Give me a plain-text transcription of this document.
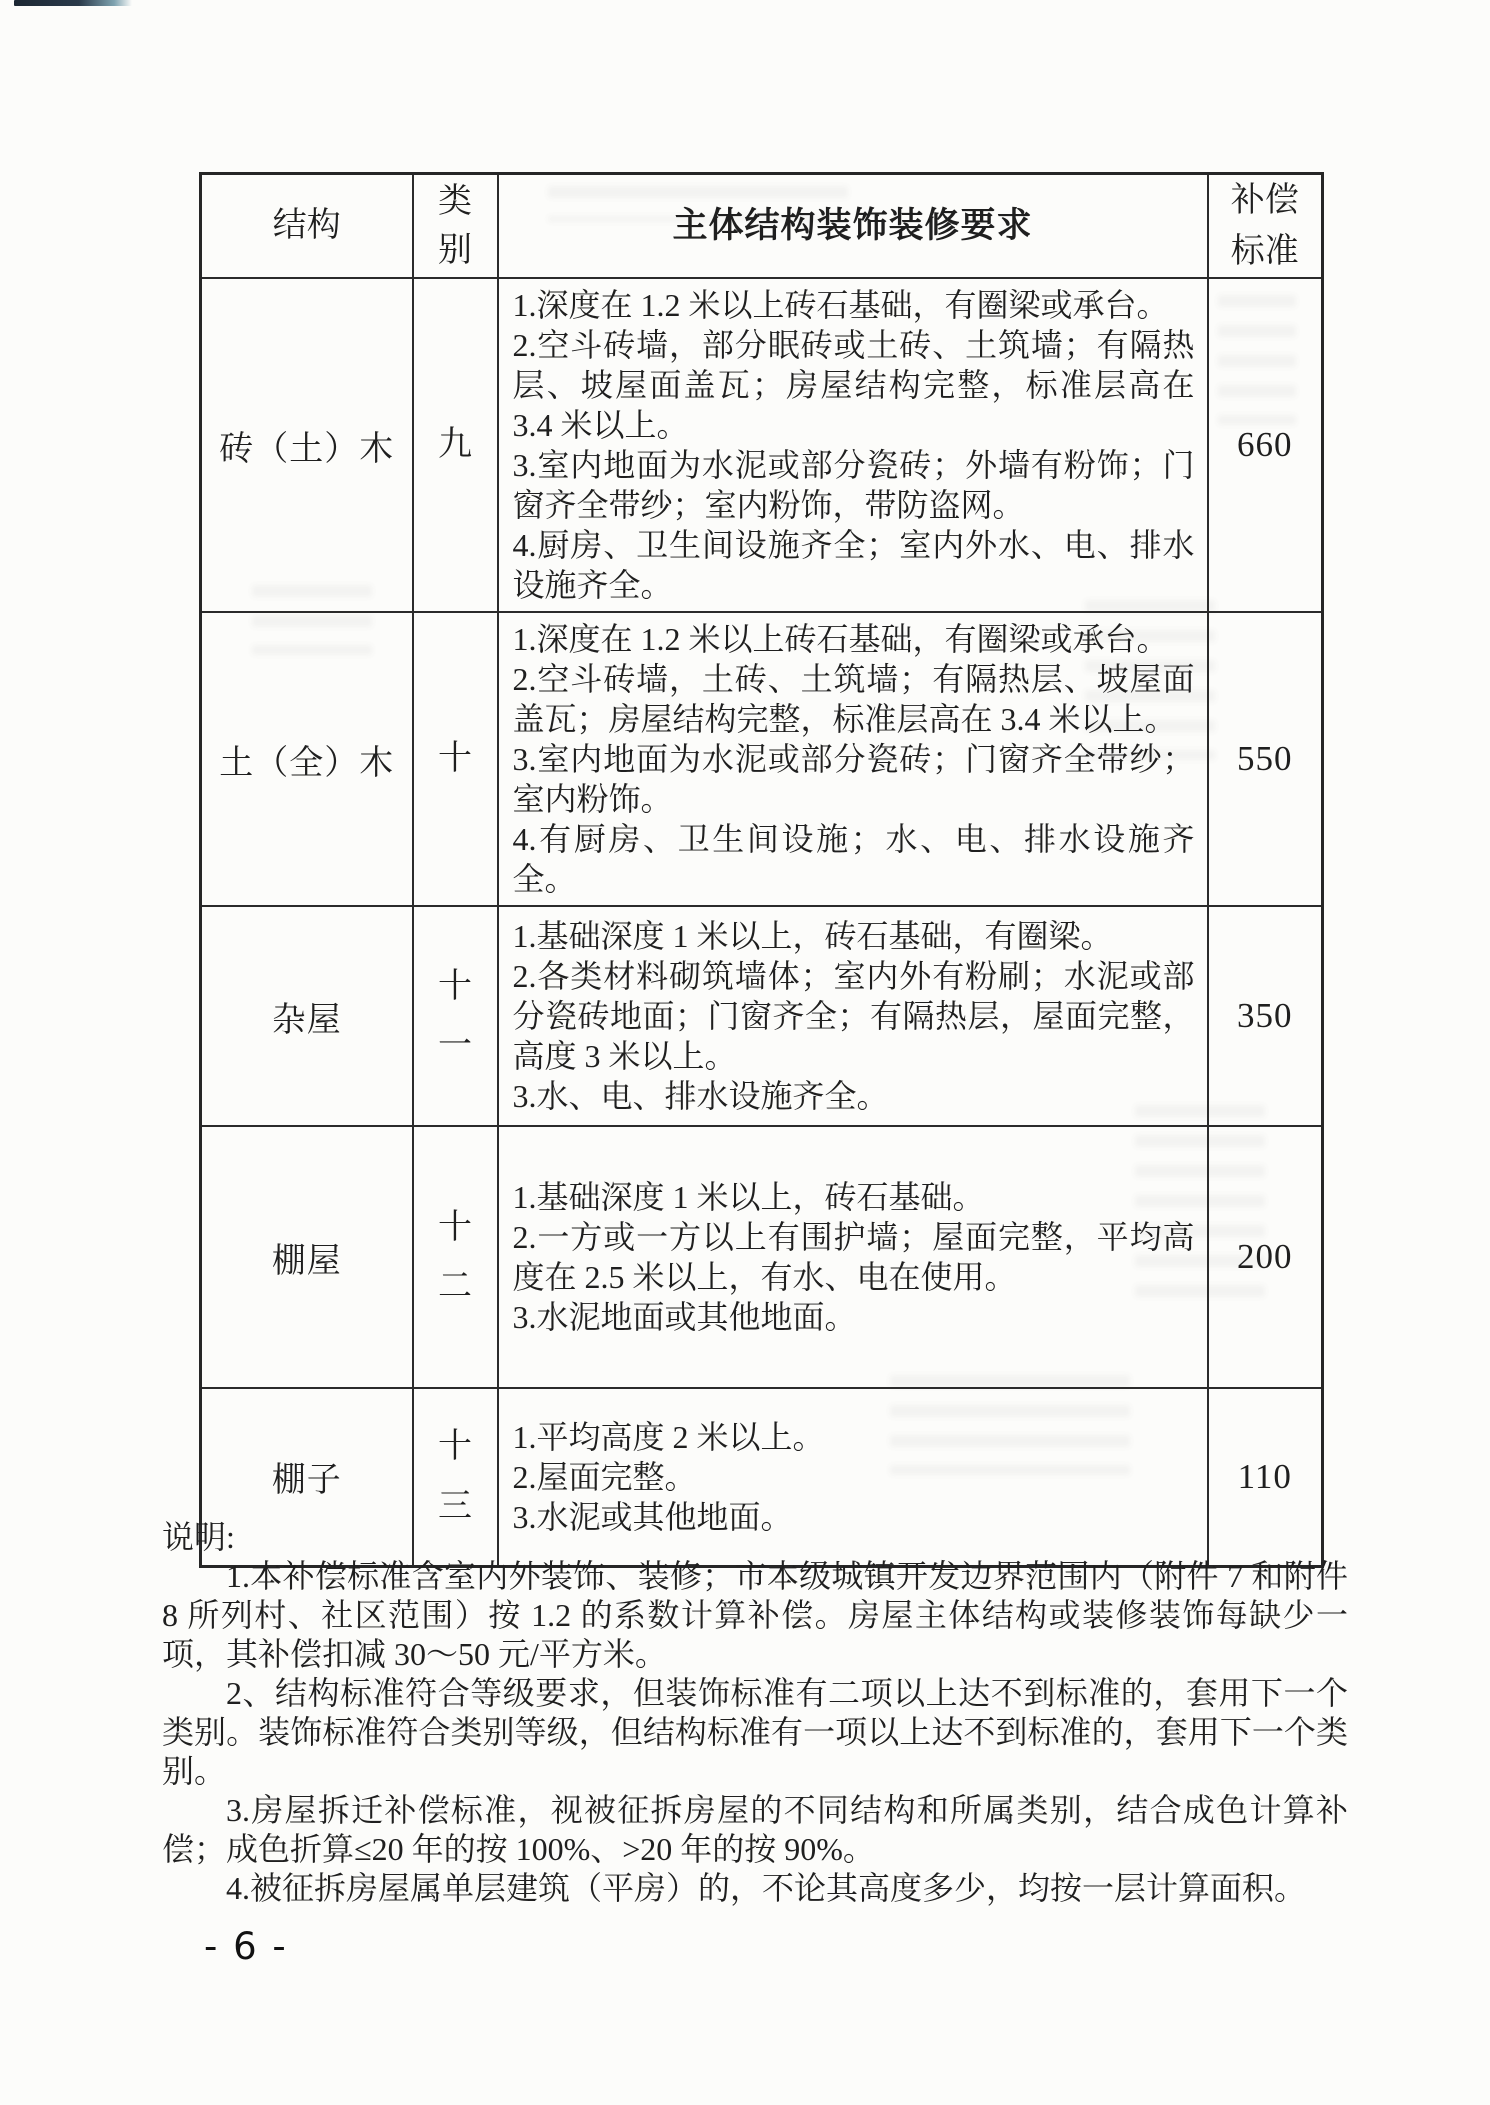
结构	类别	主体结构装饰装修要求	补偿标准

砖（土）木	九	1.深度在 1.2 米以上砖石基础，有圈梁或承台。
2.空斗砖墙，部分眠砖或土砖、土筑墙；有隔热层、坡屋面盖瓦；房屋结构完整，标准层高在 3.4 米以上。
3.室内地面为水泥或部分瓷砖；外墙有粉饰；门窗齐全带纱；室内粉饰，带防盗网。
4.厨房、卫生间设施齐全；室内外水、电、排水设施齐全。	660
土（全）木	十	1.深度在 1.2 米以上砖石基础，有圈梁或承台。
2.空斗砖墙，土砖、土筑墙；有隔热层、坡屋面盖瓦；房屋结构完整，标准层高在 3.4 米以上。
3.室内地面为水泥或部分瓷砖；门窗齐全带纱；室内粉饰。
4.有厨房、卫生间设施；水、电、排水设施齐全。	550
杂屋	十一	1.基础深度 1 米以上，砖石基础，有圈梁。
2.各类材料砌筑墙体；室内外有粉刷；水泥或部分瓷砖地面；门窗齐全；有隔热层，屋面完整，高度 3 米以上。
3.水、电、排水设施齐全。	350
棚屋	十二	1.基础深度 1 米以上，砖石基础。
2.一方或一方以上有围护墙；屋面完整，平均高度在 2.5 米以上，有水、电在使用。
3.水泥地面或其他地面。	200
棚子	十三	1.平均高度 2 米以上。
2.屋面完整。
3.水泥或其他地面。	110

说明:

1.本补偿标准含室内外装饰、装修；市本级城镇开发边界范围内（附件 7 和附件 8 所列村、社区范围）按 1.2 的系数计算补偿。房屋主体结构或装修装饰每缺少一项，其补偿扣减 30～50 元/平方米。

2、结构标准符合等级要求，但装饰标准有二项以上达不到标准的，套用下一个类别。装饰标准符合类别等级，但结构标准有一项以上达不到标准的，套用下一个类别。

3.房屋拆迁补偿标准，视被征拆房屋的不同结构和所属类别，结合成色计算补偿；成色折算≤20 年的按 100%、>20 年的按 90%。

4.被征拆房屋属单层建筑（平房）的，不论其高度多少，均按一层计算面积。

- 6 -
